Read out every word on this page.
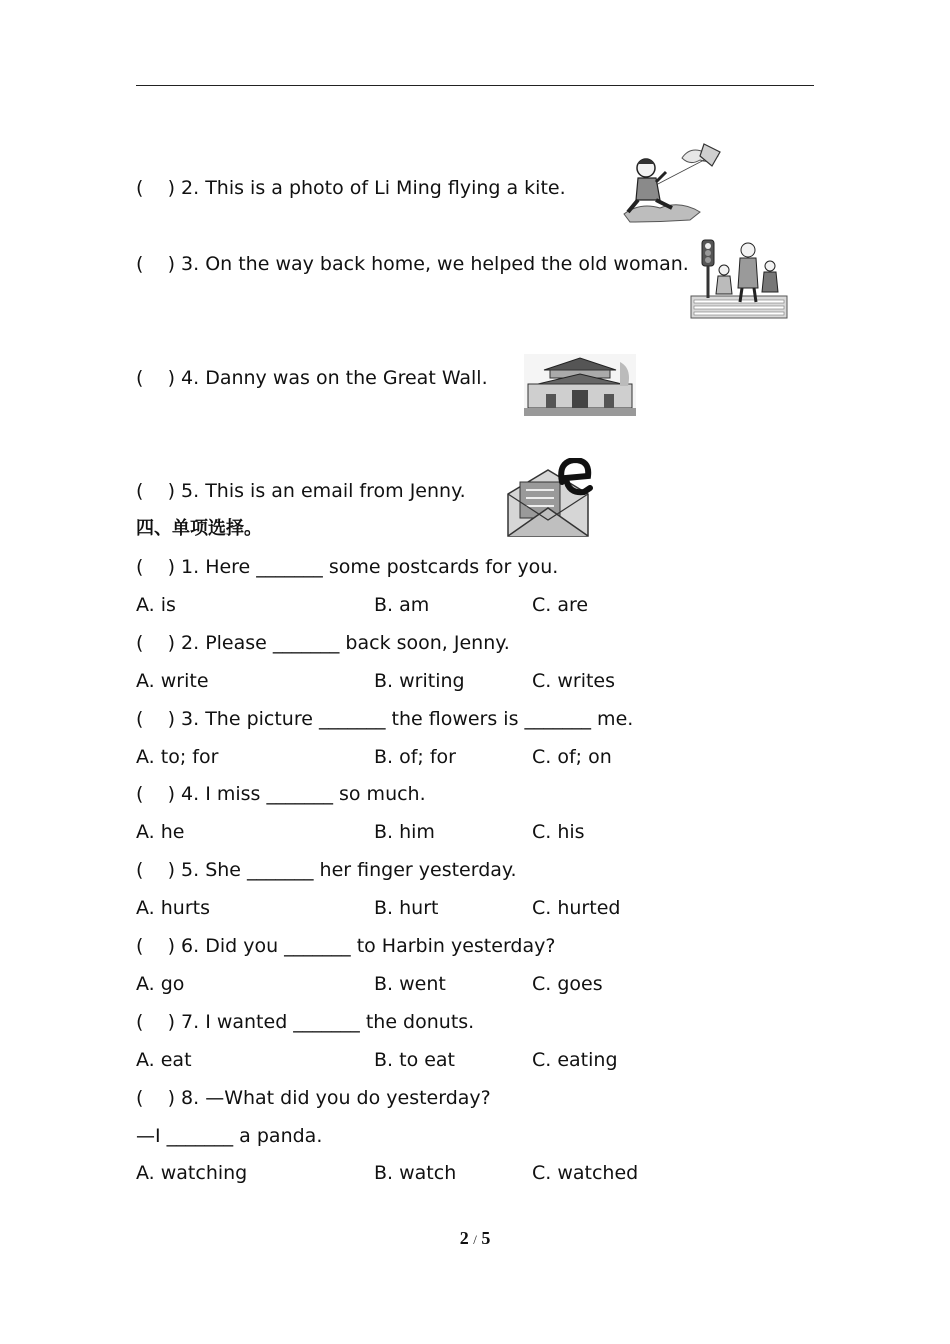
(    ) 2. This is a photo of Li Ming flying a kite.
(    ) 3. On the way back home, we helped the old woman.
(    ) 4. Danny was on the Great Wall.
(    ) 5. This is an email from Jenny.
四、单项选择。
(    ) 1. Here _______ some postcards for you.
A. is	B. am	C. are
(    ) 2. Please _______ back soon, Jenny.
A. write	B. writing	C. writes
(    ) 3. The picture _______ the flowers is _______ me.
A. to; for	B. of; for	C. of; on
(    ) 4. I miss _______ so much.
A. he	B. him	C. his
(    ) 5. She _______ her finger yesterday.
A. hurts	B. hurt	C. hurted
(    ) 6. Did you _______ to Harbin yesterday?
A. go	B. went	C. goes
(    ) 7. I wanted _______ the donuts.
A. eat	B. to eat	C. eating
(    ) 8. —What did you do yesterday?
—I _______ a panda.
A. watching	B. watch	C. watched
2 / 5
